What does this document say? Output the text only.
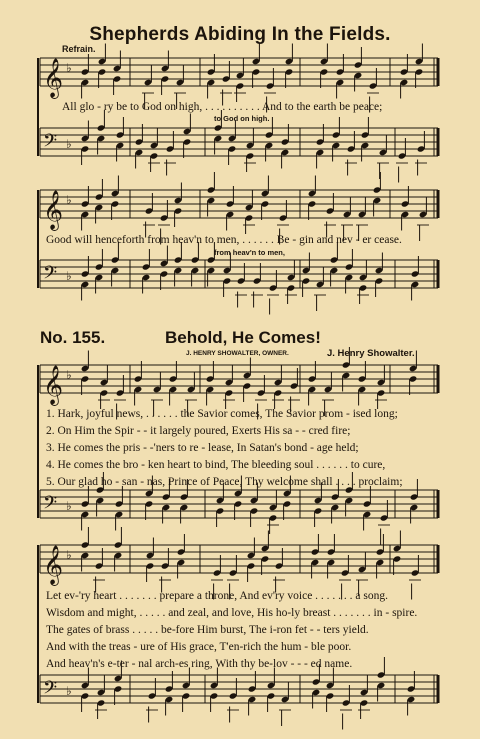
𝄞 ♭
𝄢 ♭
𝄞 ♭
𝄢 ♭
𝄞 ♭
𝄢 ♭
𝄞 ♭
𝄢 ♭
Shepherds Abiding In the Fields.
Refrain.
All glo - ry be to God on high, . . . . . . . . . . And to the earth be peace;
to God on high.
Good will henceforth from heav'n to men, . . . . . . Be - gin and nev - er cease.
from heav'n to men,
No. 155.	Behold, He Comes!
J. HENRY SHOWALTER, OWNER.	J. Henry Showalter.
1. Hark, joyful news, . . . . . . the Savior comes, The Savior prom - ised long;
2. On Him the Spir - - it largely poured, Exerts His sa - - cred fire;
3. He comes the pris - -'ners to re - lease, In Satan's bond - age held;
4. He comes the bro - ken heart to bind, The bleeding soul . . . . . . to cure,
5. Our glad ho - san - nas, Prince of Peace, Thy welcome shall . . . . proclaim;
Let ev-'ry heart . . . . . . . prepare a throne, And ev'ry voice . . . . . . . a song.
Wisdom and might, . . . . . and zeal, and love, His ho-ly breast . . . . . . . in - spire.
The gates of brass . . . . . be-fore Him burst, The i-ron fet - - ters yield.
And with the treas - ure of His grace, T'en-rich the hum - ble poor.
And heav'n's e-ter - nal arch-es ring, With thy be-lov - - - ed name.
